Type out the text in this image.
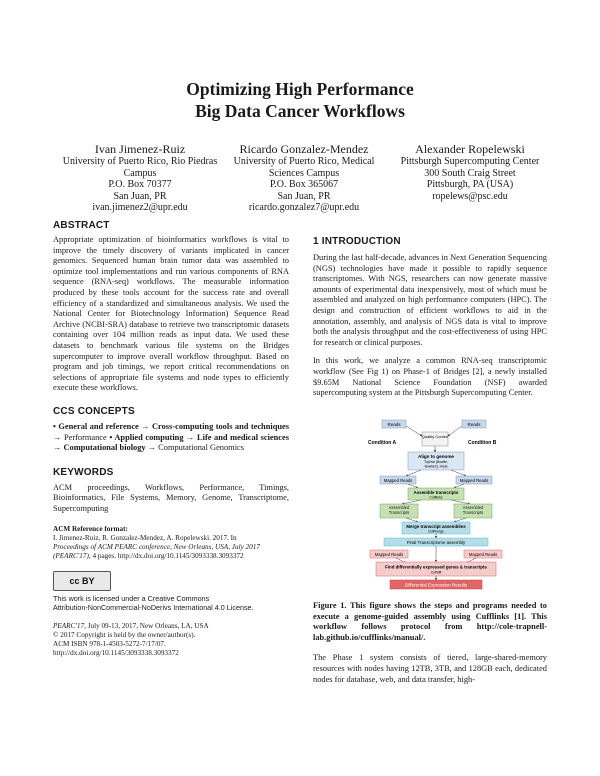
Optimizing High Performance
Big Data Cancer Workflows
Ivan Jimenez-Ruiz
University of Puerto Rico, Rio Piedras Campus
P.O. Box 70377
San Juan, PR
ivan.jimenez2@upr.edu
Ricardo Gonzalez-Mendez
University of Puerto Rico, Medical Sciences Campus
P.O. Box 365067
San Juan, PR
ricardo.gonzalez7@upr.edu
Alexander Ropelewski
Pittsburgh Supercomputing Center
300 South Craig Street
Pittsburgh, PA (USA)
ropelews@psc.edu
ABSTRACT
Appropriate optimization of bioinformatics workflows is vital to improve the timely discovery of variants implicated in cancer genomics. Sequenced human brain tumor data was assembled to optimize tool implementations and run various components of RNA sequence (RNA-seq) workflows. The measurable information produced by these tools account for the success rate and overall efficiency of a standardized and simultaneous analysis. We used the National Center for Biotechnology Information) Sequence Read Archive (NCBI-SRA) database to retrieve two transcriptomic datasets containing over 104 million reads as input data. We used these datasets to benchmark various file systems on the Bridges supercomputer to improve overall workflow throughput. Based on program and job timings, we report critical recommendations on selections of appropriate file systems and node types to efficiently execute these workflows.
CCS CONCEPTS
• General and reference → Cross-computing tools and techniques → Performance • Applied computing → Life and medical sciences → Computational biology → Computational Genomics
KEYWORDS
ACM proceedings, Workflows, Performance, Timings, Bioinformatics, File Systems, Memory, Genome, Transcriptome, Supercomputing
ACM Reference format:
I. Jimenez-Ruiz, R. Gonzalez-Mendez, A. Ropelewski. 2017. In
Proceedings of ACM PEARC conference, New Orleans, USA, July 2017
(PEARC'17), 4 pages. http://dx.doi.org/10.1145/3093338.3093372
cc BY
This work is licensed under a Creative Commons
Attribution-NonCommercial-NoDerivs International 4.0 License.
PEARC'17, July 09-13, 2017, New Orleans, LA, USA
© 2017 Copyright is held by the owner/author(s).
ACM ISBN 978-1-4503-5272-7/17/07.
http://dx.doi.org/10.1145/3093338.3093372
1 INTRODUCTION
During the last half-decade, advances in Next Generation Sequencing (NGS) technologies have made it possible to rapidly sequence transcriptomes. With NGS, researchers can now generate massive amounts of experimental data inexpensively, most of which must be assembled and analyzed on high performance computers (HPC). The design and construction of efficient workflows to aid in the annotation, assembly, and analysis of NGS data is vital to improve both the analysis throughput and the cost-effectiveness of using HPC for research or clinical purposes.
In this work, we analyze a common RNA-seq transcriptomic workflow (See Fig 1) on Phase-1 of Bridges [2], a newly installed $9.65M National Science Foundation (NSF) awarded supercomputing system at the Pittsburgh Supercomputing Center.
Reads	Reads
Condition A	Condition B
Quality Control
Align to genome
TopHat (Bowtie,
Bowtie2), Hisat
Mapped Reads	Mapped Reads
Assemble transcripts
Cufflinks
Assembled Transcripts
Assembled Transcripts
Merge transcript assemblies
Cuffmerge
Final Transcriptome assembly
Mapped Reads	Mapped Reads
Find differentially expressed genes & transcripts
Cuffdiff
Differential Expression Results
Figure 1. This figure shows the steps and programs needed to execute a genome-guided assembly using Cufflinks [1]. This workflow follows protocol from http://cole-trapnell-lab.github.io/cufflinks/manual/.
The Phase 1 system consists of tiered, large-shared-memory resources with nodes having 12TB, 3TB, and 128GB each, dedicated nodes for database, web, and data transfer, high-
